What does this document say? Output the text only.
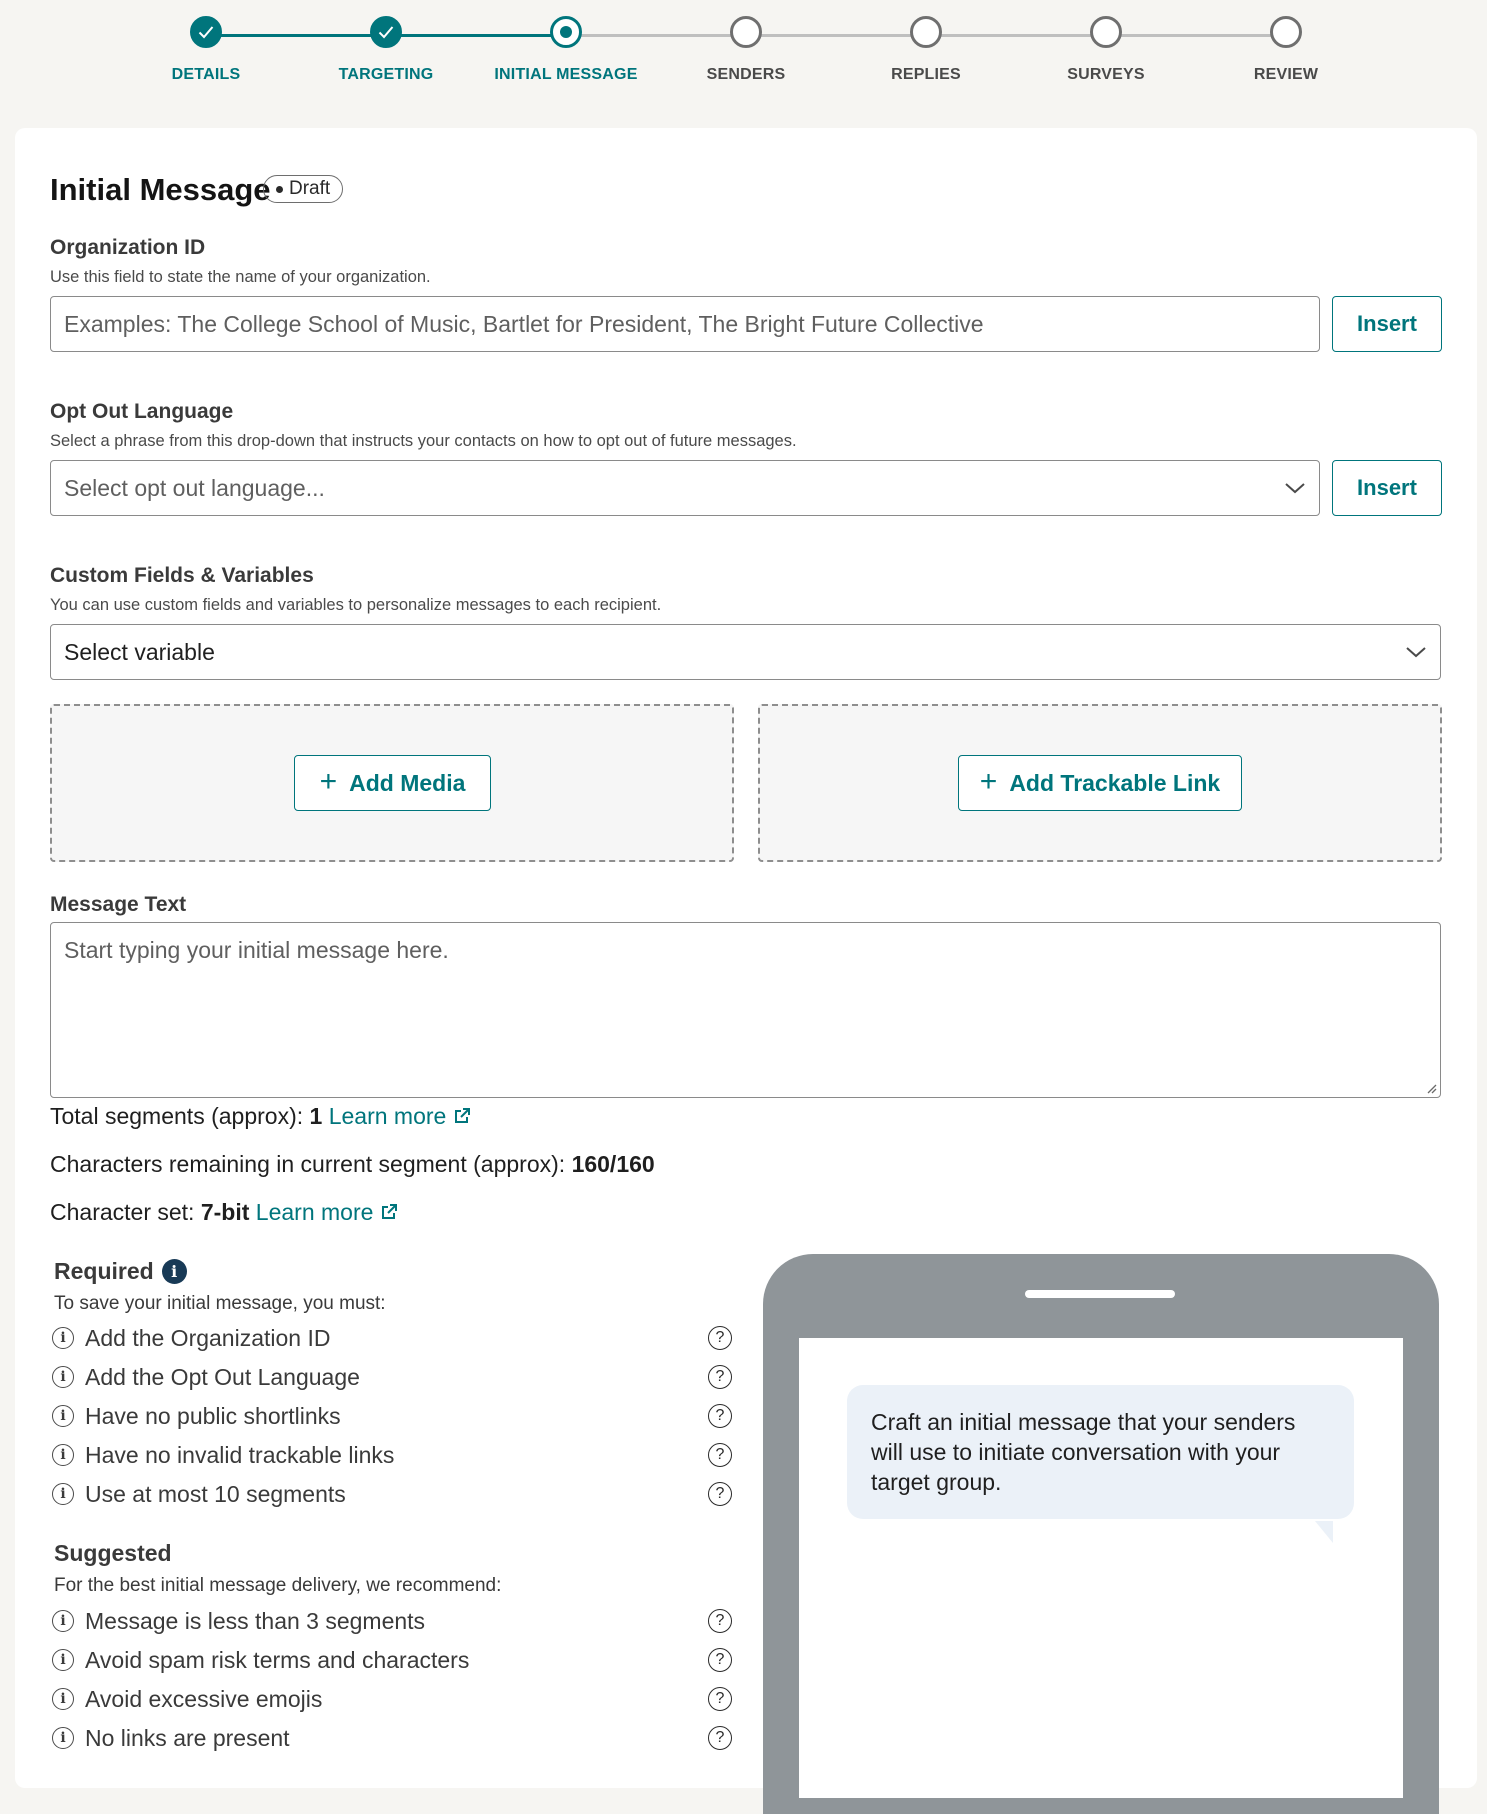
DETAILS	TARGETING	INITIAL MESSAGE	SENDERS	REPLIES	SURVEYS	REVIEW
Initial Message Draft
Organization ID
Use this field to state the name of your organization.
Examples: The College School of Music, Bartlet for President, The Bright Future Collective	Insert
Opt Out Language
Select a phrase from this drop-down that instructs your contacts on how to opt out of future messages.
Select opt out language...	Insert
Custom Fields & Variables
You can use custom fields and variables to personalize messages to each recipient.
Select variable
+ Add Media	+ Add Trackable Link
Message Text
Start typing your initial message here.
Total segments (approx): 1 Learn more
Characters remaining in current segment (approx): 160/160
Character set: 7-bit Learn more
Required i
To save your initial message, you must:
i Add the Organization ID	?
i Add the Opt Out Language	?
i Have no public shortlinks	?
i Have no invalid trackable links	?
i Use at most 10 segments	?
Suggested
For the best initial message delivery, we recommend:
i Message is less than 3 segments	?
i Avoid spam risk terms and characters	?
i Avoid excessive emojis	?
i No links are present	?
Craft an initial message that your senders will use to initiate conversation with your target group.
